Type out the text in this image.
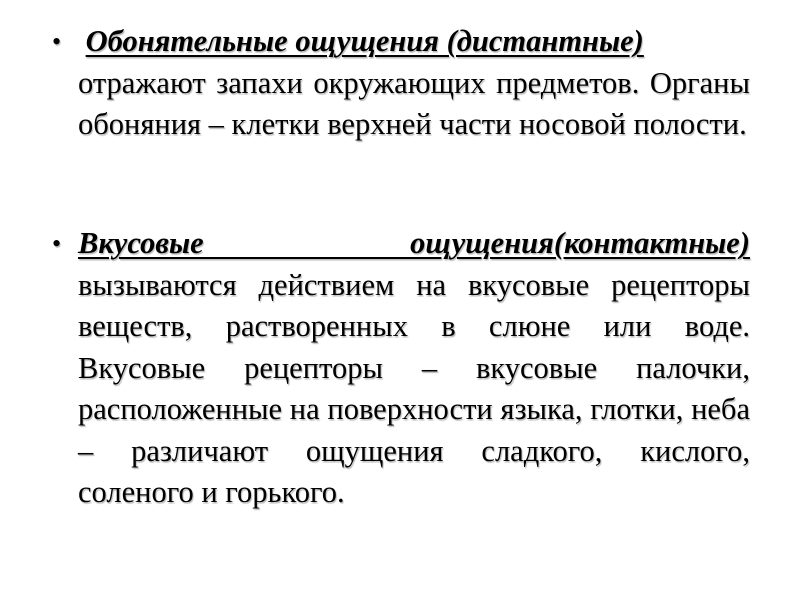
• Обонятельные ощущения (дистантные)
отражают запахи окружающих предметов. Органы обоняния – клетки верхней части носовой полости.
• Вкусовые ощущения(контактные)
вызываются действием на вкусовые рецепторы веществ, растворенных в слюне или воде. Вкусовые рецепторы – вкусовые палочки, расположенные на поверхности языка, глотки, неба – различают ощущения сладкого, кислого, соленого и горького.
